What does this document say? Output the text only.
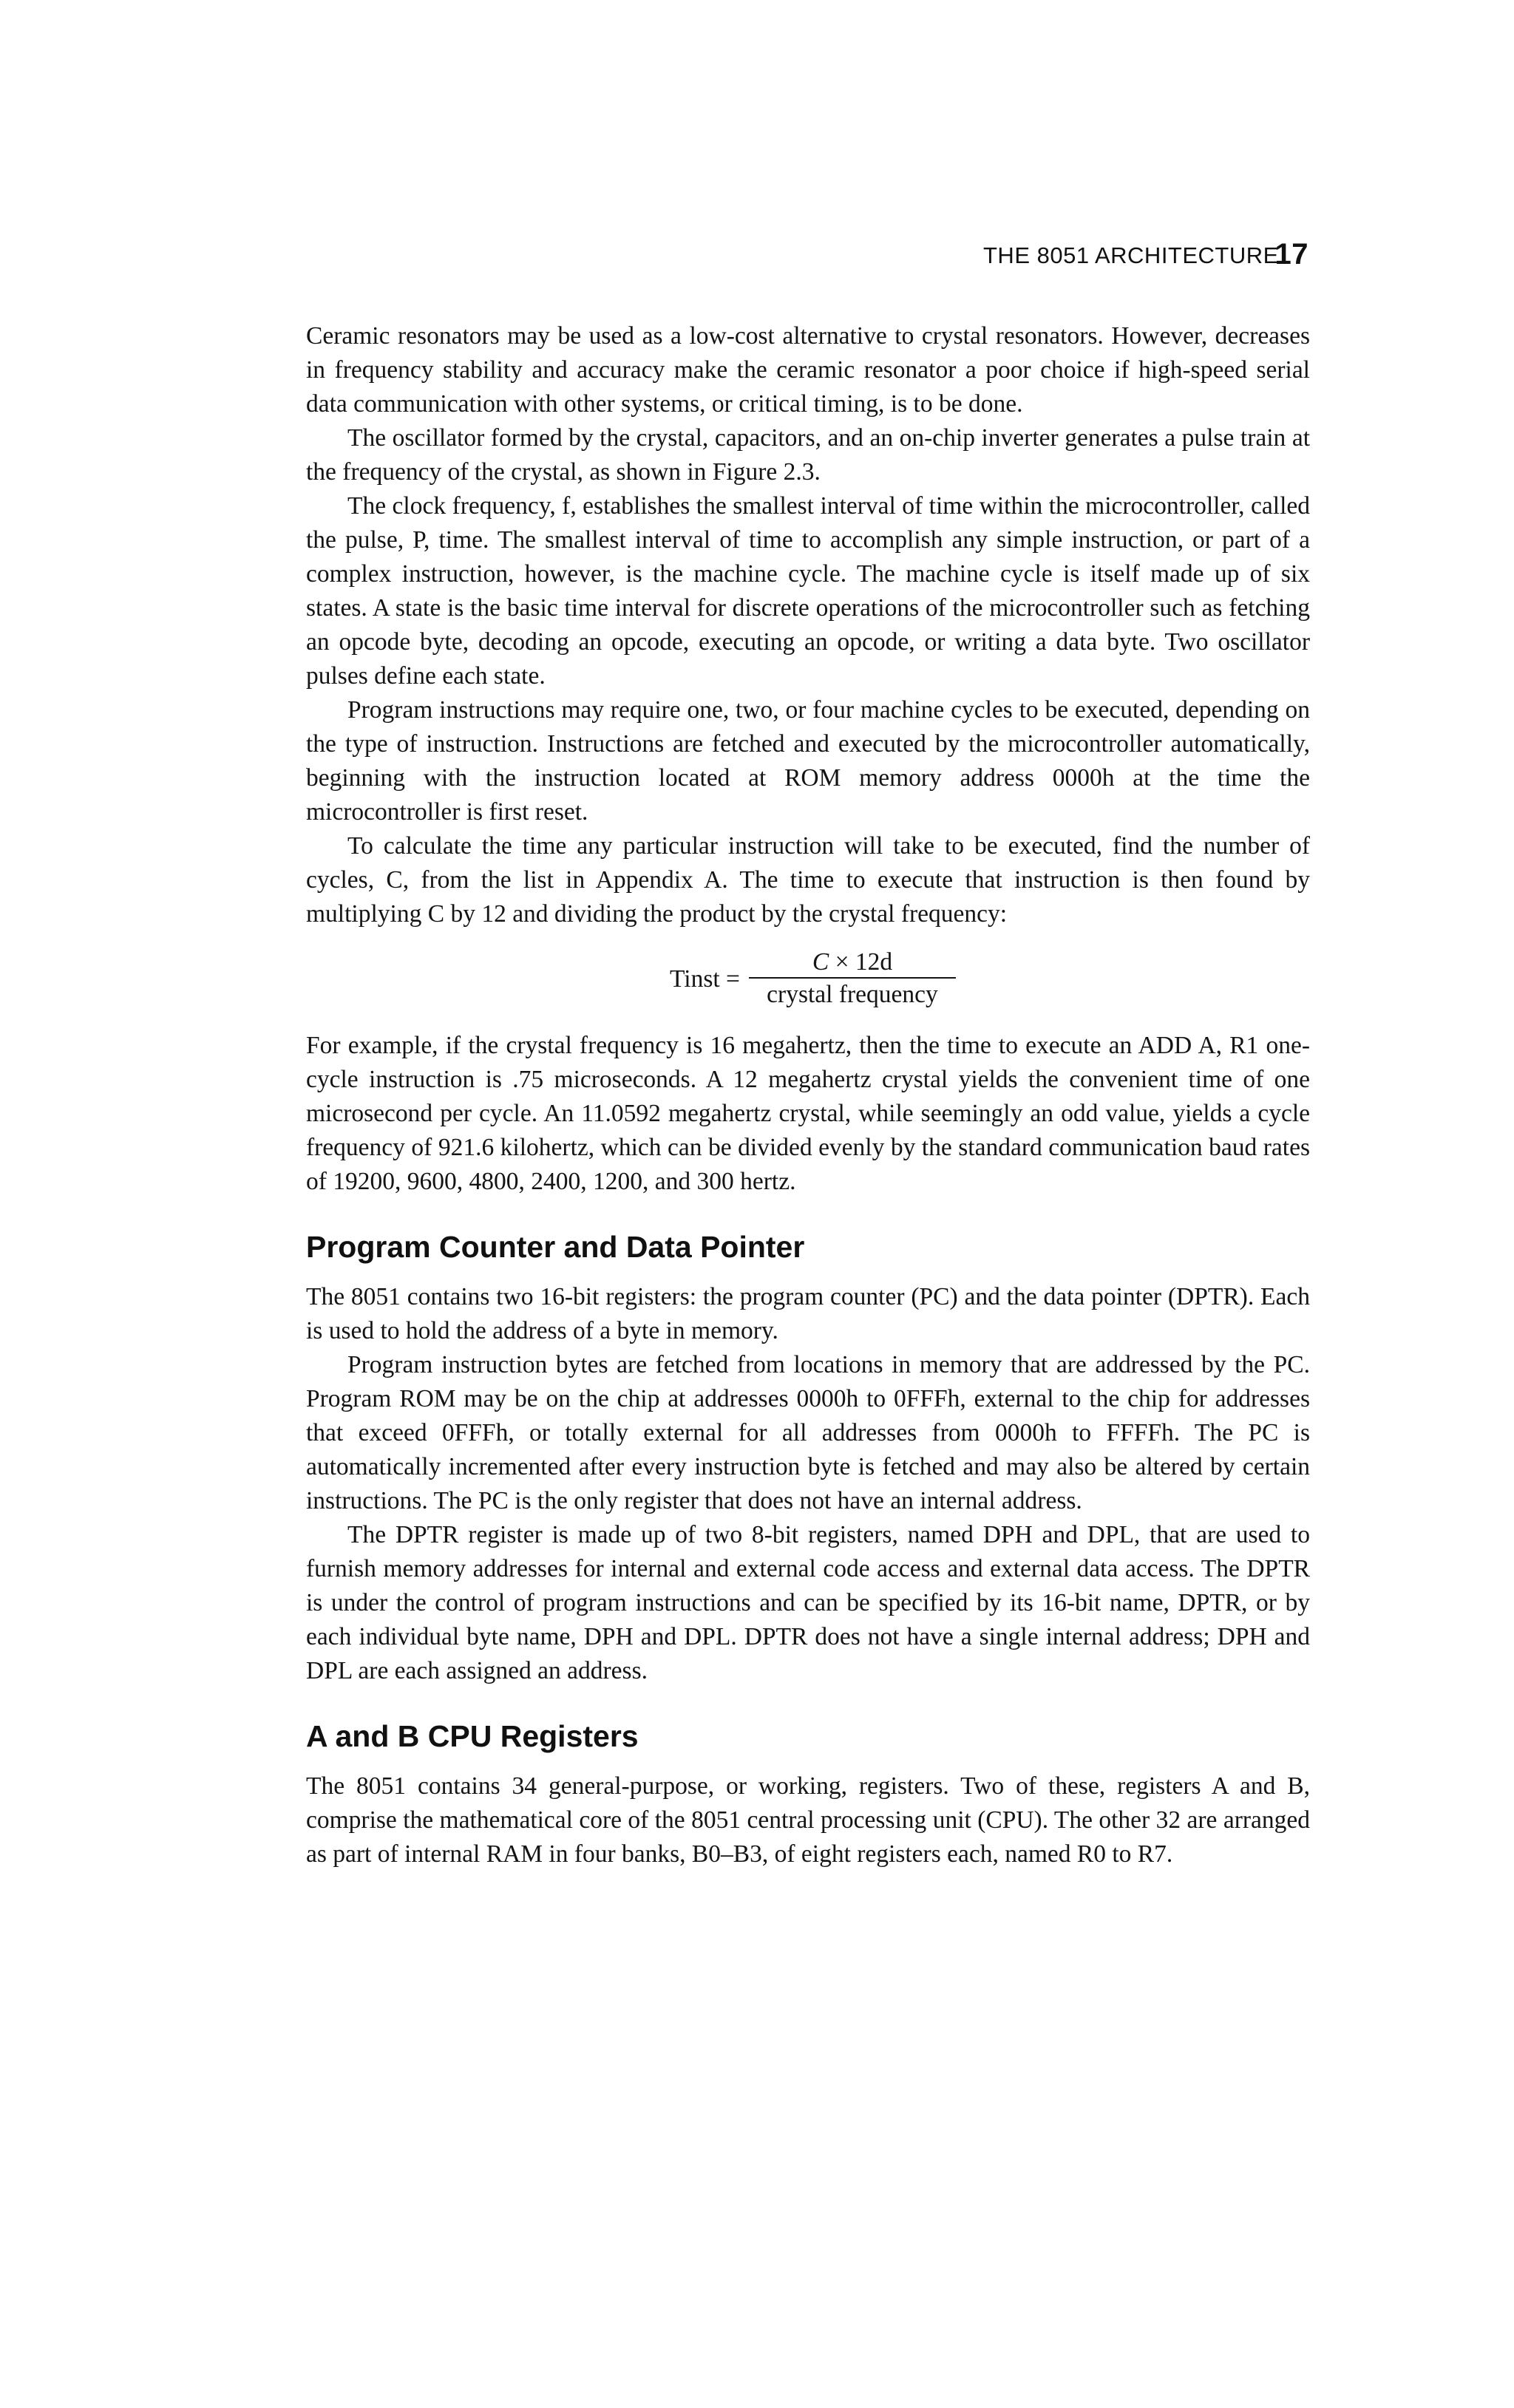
THE 8051 ARCHITECTURE
17

Ceramic resonators may be used as a low-cost alternative to crystal resonators. However, decreases in frequency stability and accuracy make the ceramic resonator a poor choice if high-speed serial data communication with other systems, or critical timing, is to be done.

The oscillator formed by the crystal, capacitors, and an on-chip inverter generates a pulse train at the frequency of the crystal, as shown in Figure 2.3.

The clock frequency, f, establishes the smallest interval of time within the microcontroller, called the pulse, P, time. The smallest interval of time to accomplish any simple instruction, or part of a complex instruction, however, is the machine cycle. The machine cycle is itself made up of six states. A state is the basic time interval for discrete operations of the microcontroller such as fetching an opcode byte, decoding an opcode, executing an opcode, or writing a data byte. Two oscillator pulses define each state.

Program instructions may require one, two, or four machine cycles to be executed, depending on the type of instruction. Instructions are fetched and executed by the microcontroller automatically, beginning with the instruction located at ROM memory address 0000h at the time the microcontroller is first reset.

To calculate the time any particular instruction will take to be executed, find the number of cycles, C, from the list in Appendix A. The time to execute that instruction is then found by multiplying C by 12 and dividing the product by the crystal frequency:

Tinst = $\frac{C \times 12d}{\text{crystal frequency}}$

For example, if the crystal frequency is 16 megahertz, then the time to execute an ADD A, R1 one-cycle instruction is .75 microseconds. A 12 megahertz crystal yields the convenient time of one microsecond per cycle. An 11.0592 megahertz crystal, while seemingly an odd value, yields a cycle frequency of 921.6 kilohertz, which can be divided evenly by the standard communication baud rates of 19200, 9600, 4800, 2400, 1200, and 300 hertz.

Program Counter and Data Pointer

The 8051 contains two 16-bit registers: the program counter (PC) and the data pointer (DPTR). Each is used to hold the address of a byte in memory.

Program instruction bytes are fetched from locations in memory that are addressed by the PC. Program ROM may be on the chip at addresses 0000h to 0FFFh, external to the chip for addresses that exceed 0FFFh, or totally external for all addresses from 0000h to FFFFh. The PC is automatically incremented after every instruction byte is fetched and may also be altered by certain instructions. The PC is the only register that does not have an internal address.

The DPTR register is made up of two 8-bit registers, named DPH and DPL, that are used to furnish memory addresses for internal and external code access and external data access. The DPTR is under the control of program instructions and can be specified by its 16-bit name, DPTR, or by each individual byte name, DPH and DPL. DPTR does not have a single internal address; DPH and DPL are each assigned an address.

A and B CPU Registers

The 8051 contains 34 general-purpose, or working, registers. Two of these, registers A and B, comprise the mathematical core of the 8051 central processing unit (CPU). The other 32 are arranged as part of internal RAM in four banks, B0–B3, of eight registers each, named R0 to R7.
